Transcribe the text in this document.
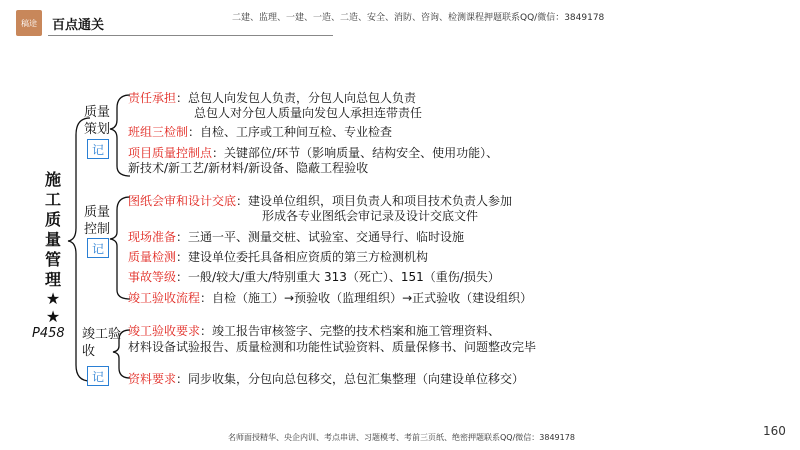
稿途	百点通关	二建、监理、一建、一造、二造、安全、消防、咨询、检测课程押题联系QQ/微信：3849178
施
工
质
量
管
理
★ ★
P458
质量
策划
记
责任承担：总包人向发包人负责，分包人向总包人负责
总包人对分包人质量向发包人承担连带责任
班组三检制：自检、工序或工种间互检、专业检查
项目质量控制点：关键部位/环节（影响质量、结构安全、使用功能）、
新技术/新工艺/新材料/新设备、隐蔽工程验收
质量
控制
记
图纸会审和设计交底：建设单位组织，项目负责人和项目技术负责人参加
形成各专业图纸会审记录及设计交底文件
现场准备：三通一平、测量交桩、试验室、交通导行、临时设施
质量检测：建设单位委托具备相应资质的第三方检测机构
事故等级：一般/较大/重大/特别重大 313（死亡）、151（重伤/损失）
竣工验收流程：自检（施工）→预验收（监理组织）→正式验收（建设组织）
竣工验
收
记
竣工验收要求：竣工报告审核签字、完整的技术档案和施工管理资料、
材料设备试验报告、质量检测和功能性试验资料、质量保修书、问题整改完毕
资料要求：同步收集，分包向总包移交，总包汇集整理（向建设单位移交）
名师面授精华、央企内训、考点串讲、习题模考、考前三页纸、绝密押题联系QQ/微信：3849178	160
